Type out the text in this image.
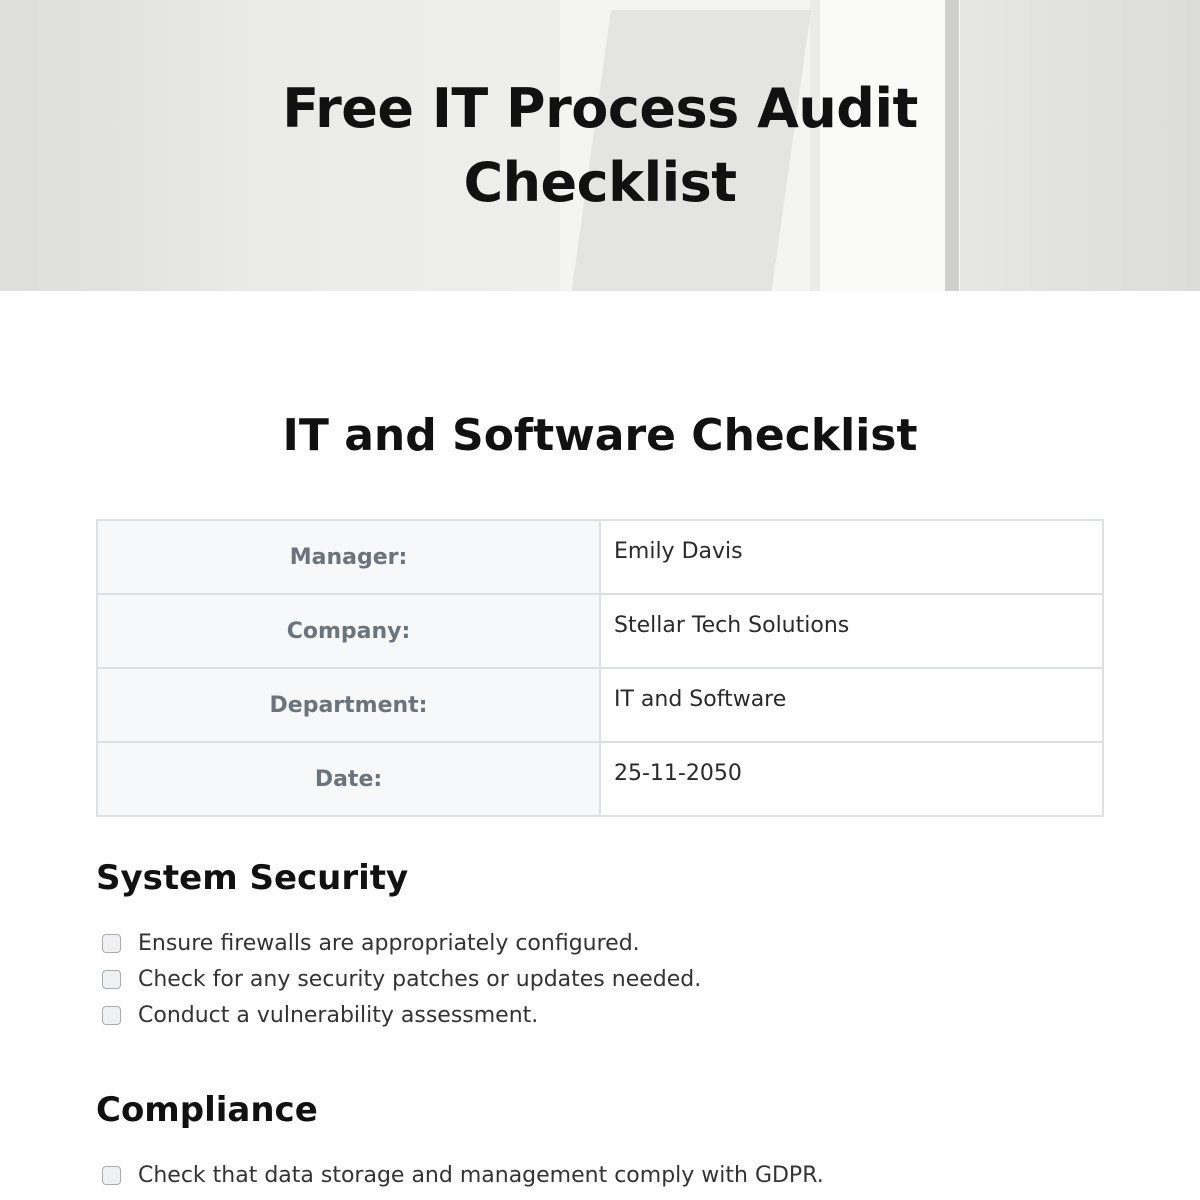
Free IT Process Audit
Checklist
IT and Software Checklist
Manager:	Emily Davis
Company:	Stellar Tech Solutions
Department:	IT and Software
Date:	25-11-2050
System Security
Ensure firewalls are appropriately configured.
Check for any security patches or updates needed.
Conduct a vulnerability assessment.
Compliance
Check that data storage and management comply with GDPR.
